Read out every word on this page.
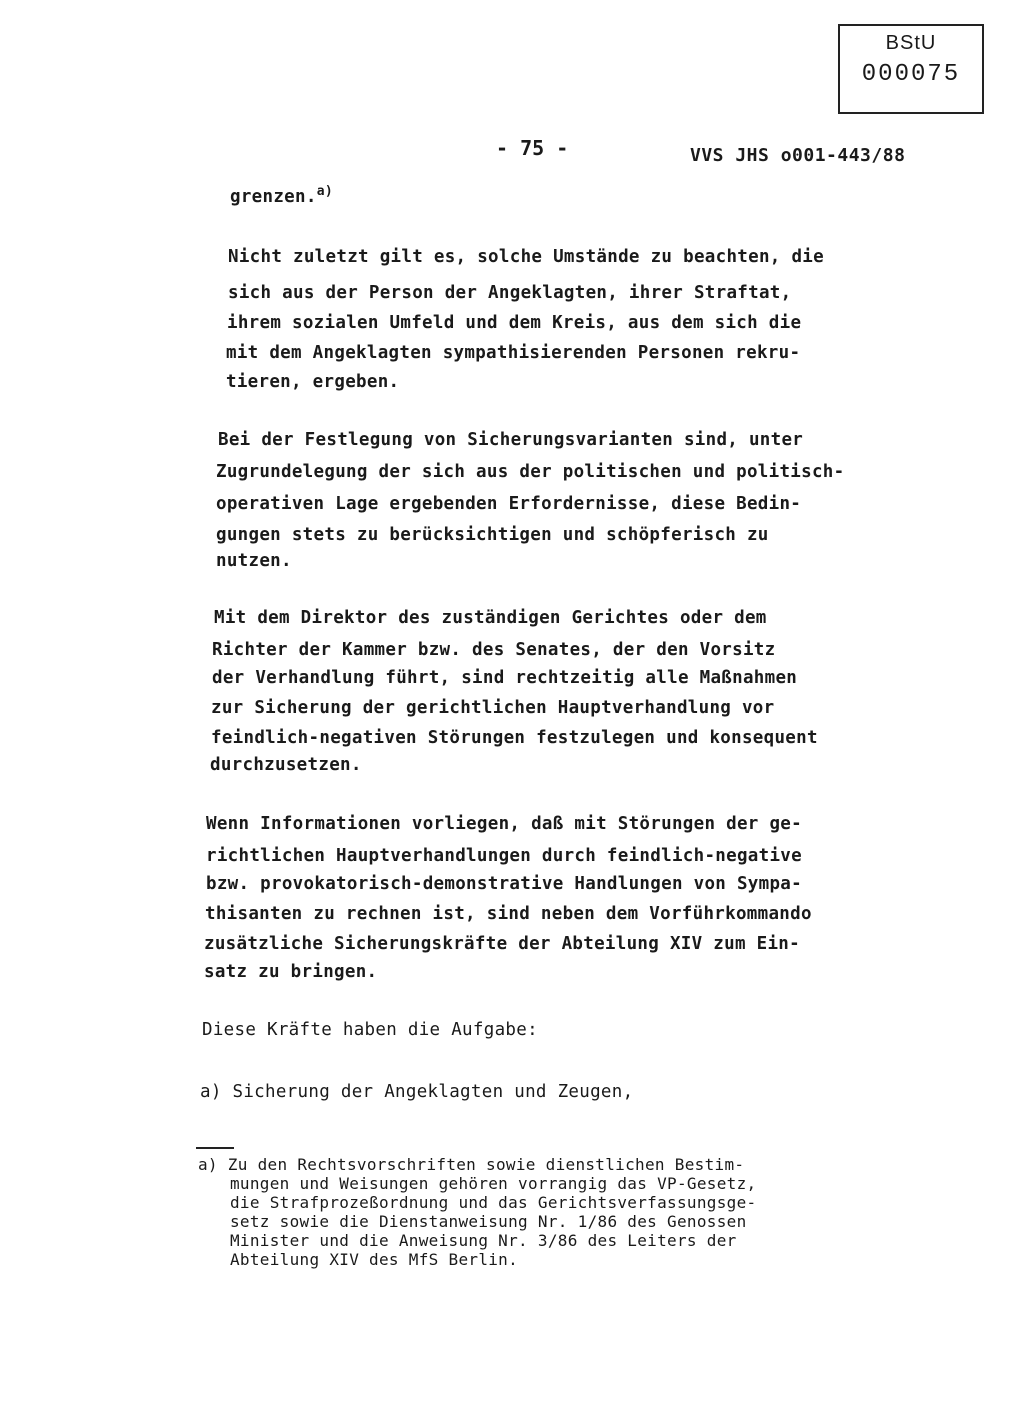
BStU
000075
- 75 -	VVS JHS o001-443/88
grenzen.$^{a)}$
Nicht zuletzt gilt es, solche Umstände zu beachten, die
sich aus der Person der Angeklagten, ihrer Straftat,
ihrem sozialen Umfeld und dem Kreis, aus dem sich die
mit dem Angeklagten sympathisierenden Personen rekru-
tieren, ergeben.
Bei der Festlegung von Sicherungsvarianten sind, unter
Zugrundelegung der sich aus der politischen und politisch-
operativen Lage ergebenden Erfordernisse, diese Bedin-
gungen stets zu berücksichtigen und schöpferisch zu
nutzen.
Mit dem Direktor des zuständigen Gerichtes oder dem
Richter der Kammer bzw. des Senates, der den Vorsitz
der Verhandlung führt, sind rechtzeitig alle Maßnahmen
zur Sicherung der gerichtlichen Hauptverhandlung vor
feindlich-negativen Störungen festzulegen und konsequent
durchzusetzen.
Wenn Informationen vorliegen, daß mit Störungen der ge-
richtlichen Hauptverhandlungen durch feindlich-negative
bzw. provokatorisch-demonstrative Handlungen von Sympa-
thisanten zu rechnen ist, sind neben dem Vorführkommando
zusätzliche Sicherungskräfte der Abteilung XIV zum Ein-
satz zu bringen.
Diese Kräfte haben die Aufgabe:
a) Sicherung der Angeklagten und Zeugen,
a) Zu den Rechtsvorschriften sowie dienstlichen Bestim-
mungen und Weisungen gehören vorrangig das VP-Gesetz,
die Strafprozeßordnung und das Gerichtsverfassungsge-
setz sowie die Dienstanweisung Nr. 1/86 des Genossen
Minister und die Anweisung Nr. 3/86 des Leiters der
Abteilung XIV des MfS Berlin.
